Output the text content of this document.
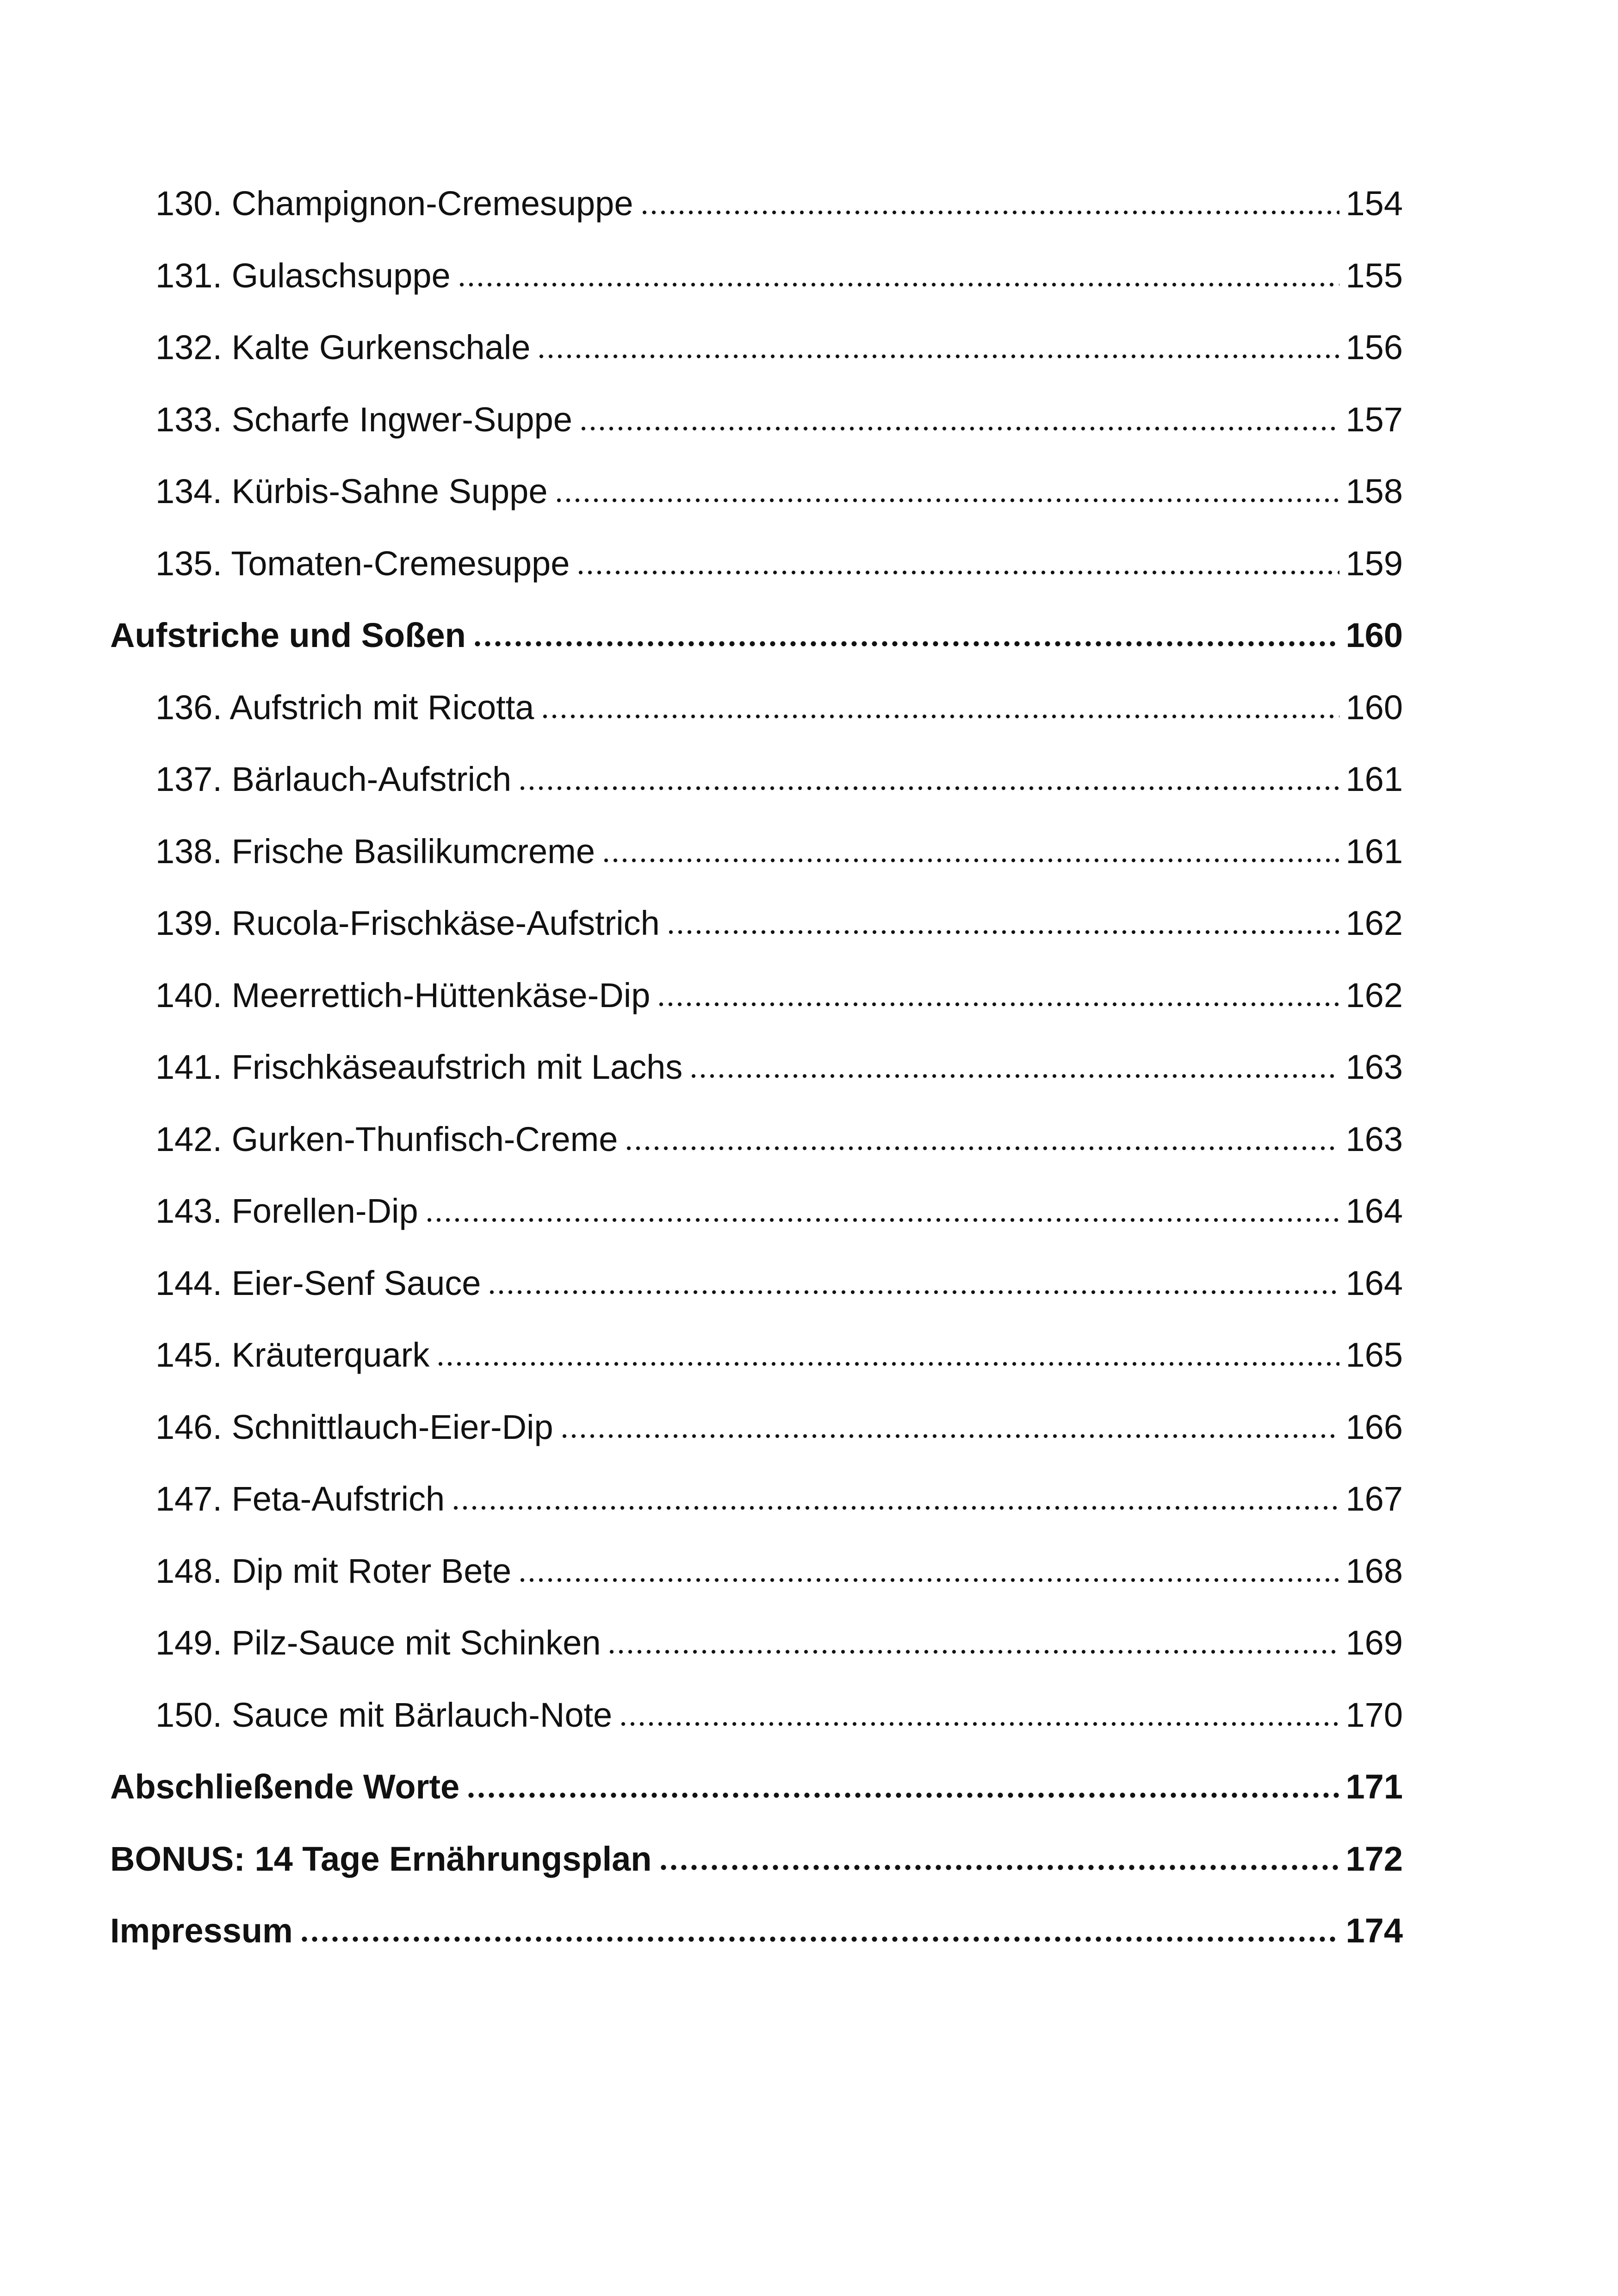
130. Champignon-Cremesuppe	154
131. Gulaschsuppe	155
132. Kalte Gurkenschale	156
133. Scharfe Ingwer-Suppe	157
134. Kürbis-Sahne Suppe	158
135. Tomaten-Cremesuppe	159
Aufstriche und Soßen	160
136. Aufstrich mit Ricotta	160
137. Bärlauch-Aufstrich	161
138. Frische Basilikumcreme	161
139. Rucola-Frischkäse-Aufstrich	162
140. Meerrettich-Hüttenkäse-Dip	162
141. Frischkäseaufstrich mit Lachs	163
142. Gurken-Thunfisch-Creme	163
143. Forellen-Dip	164
144. Eier-Senf Sauce	164
145. Kräuterquark	165
146. Schnittlauch-Eier-Dip	166
147. Feta-Aufstrich	167
148. Dip mit Roter Bete	168
149. Pilz-Sauce mit Schinken	169
150. Sauce mit Bärlauch-Note	170
Abschließende Worte	171
BONUS: 14 Tage Ernährungsplan	172
Impressum	174
